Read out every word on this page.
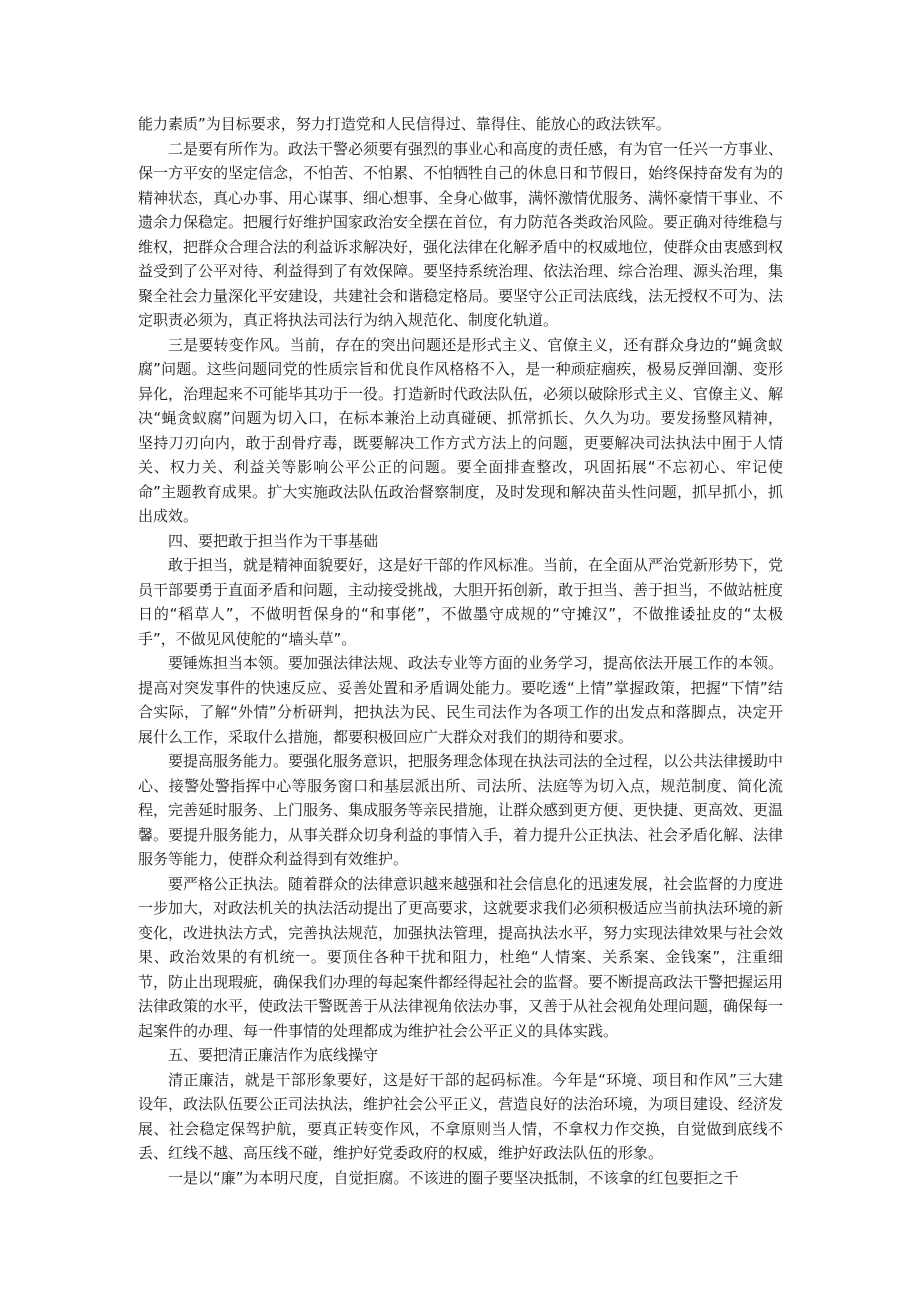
能力素质”为目标要求，努力打造党和人民信得过、靠得住、能放心的政法铁军。

二是要有所作为。政法干警必须要有强烈的事业心和高度的责任感，有为官一任兴一方事业、保一方平安的坚定信念，不怕苦、不怕累、不怕牺牲自己的休息日和节假日，始终保持奋发有为的精神状态，真心办事、用心谋事、细心想事、全身心做事，满怀激情优服务、满怀豪情干事业、不遗余力保稳定。把履行好维护国家政治安全摆在首位，有力防范各类政治风险。要正确对待维稳与维权，把群众合理合法的利益诉求解决好，强化法律在化解矛盾中的权威地位，使群众由衷感到权益受到了公平对待、利益得到了有效保障。要坚持系统治理、依法治理、综合治理、源头治理，集聚全社会力量深化平安建设，共建社会和谐稳定格局。要坚守公正司法底线，法无授权不可为、法定职责必须为，真正将执法司法行为纳入规范化、制度化轨道。

三是要转变作风。当前，存在的突出问题还是形式主义、官僚主义，还有群众身边的“蝇贪蚁腐”问题。这些问题同党的性质宗旨和优良作风格格不入，是一种顽症痼疾，极易反弹回潮、变形异化，治理起来不可能毕其功于一役。打造新时代政法队伍，必须以破除形式主义、官僚主义、解决“蝇贪蚁腐”问题为切入口，在标本兼治上动真碰硬、抓常抓长、久久为功。要发扬整风精神，坚持刀刃向内，敢于刮骨疗毒，既要解决工作方式方法上的问题，更要解决司法执法中囿于人情关、权力关、利益关等影响公平公正的问题。要全面排查整改，巩固拓展“不忘初心、牢记使命”主题教育成果。扩大实施政法队伍政治督察制度，及时发现和解决苗头性问题，抓早抓小，抓出成效。

四、要把敢于担当作为干事基础

敢于担当，就是精神面貌要好，这是好干部的作风标准。当前，在全面从严治党新形势下，党员干部要勇于直面矛盾和问题，主动接受挑战，大胆开拓创新，敢于担当、善于担当，不做站桩度日的“稻草人”，不做明哲保身的“和事佬”，不做墨守成规的“守摊汉”，不做推诿扯皮的“太极手”，不做见风使舵的“墙头草”。

要锤炼担当本领。要加强法律法规、政法专业等方面的业务学习，提高依法开展工作的本领。提高对突发事件的快速反应、妥善处置和矛盾调处能力。要吃透“上情”掌握政策，把握“下情”结合实际，了解“外情”分析研判，把执法为民、民生司法作为各项工作的出发点和落脚点，决定开展什么工作，采取什么措施，都要积极回应广大群众对我们的期待和要求。

要提高服务能力。要强化服务意识，把服务理念体现在执法司法的全过程，以公共法律援助中心、接警处警指挥中心等服务窗口和基层派出所、司法所、法庭等为切入点，规范制度、简化流程，完善延时服务、上门服务、集成服务等亲民措施，让群众感到更方便、更快捷、更高效、更温馨。要提升服务能力，从事关群众切身利益的事情入手，着力提升公正执法、社会矛盾化解、法律服务等能力，使群众利益得到有效维护。

要严格公正执法。随着群众的法律意识越来越强和社会信息化的迅速发展，社会监督的力度进一步加大，对政法机关的执法活动提出了更高要求，这就要求我们必须积极适应当前执法环境的新变化，改进执法方式，完善执法规范，加强执法管理，提高执法水平，努力实现法律效果与社会效果、政治效果的有机统一。要顶住各种干扰和阻力，杜绝“人情案、关系案、金钱案”，注重细节，防止出现瑕疵，确保我们办理的每起案件都经得起社会的监督。要不断提高政法干警把握运用法律政策的水平，使政法干警既善于从法律视角依法办事，又善于从社会视角处理问题，确保每一起案件的办理、每一件事情的处理都成为维护社会公平正义的具体实践。

五、要把清正廉洁作为底线操守

清正廉洁，就是干部形象要好，这是好干部的起码标准。今年是“环境、项目和作风”三大建设年，政法队伍要公正司法执法，维护社会公平正义，营造良好的法治环境，为项目建设、经济发展、社会稳定保驾护航，要真正转变作风，不拿原则当人情，不拿权力作交换，自觉做到底线不丢、红线不越、高压线不碰，维护好党委政府的权威，维护好政法队伍的形象。

一是以“廉”为本明尺度，自觉拒腐。不该进的圈子要坚决抵制，不该拿的红包要拒之千
